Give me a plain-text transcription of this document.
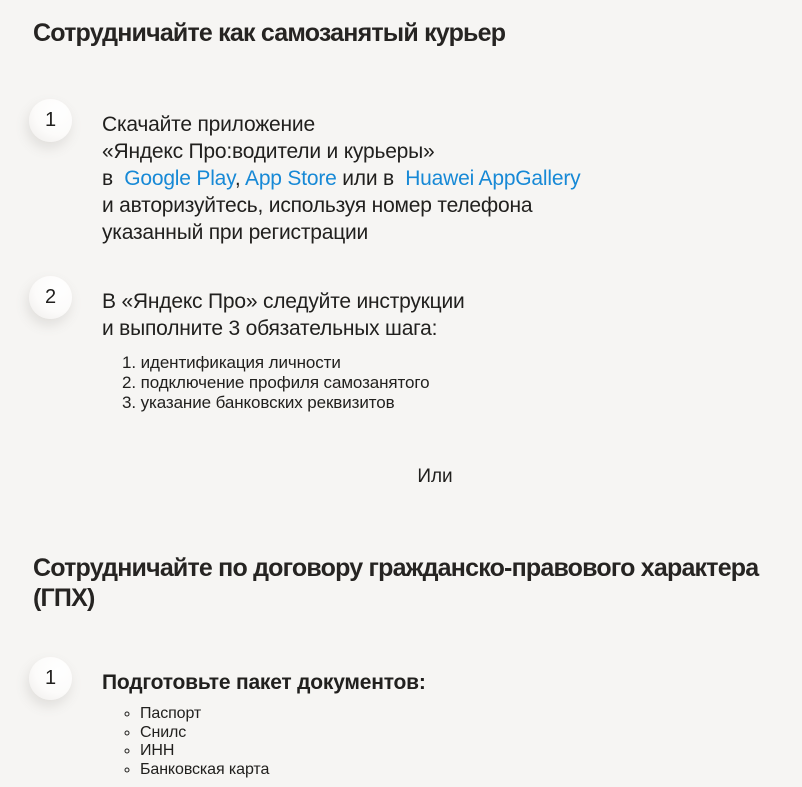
Сотрудничайте как самозанятый курьер
1 Скачайте приложение
«Яндекс Про:водители и курьеры»
в  Google Play, App Store или в  Huawei AppGallery
и авторизуйтесь, используя номер телефона
указанный при регистрации
2 В «Яндекс Про» следуйте инструкции
и выполните 3 обязательных шага:
1. идентификация личности
2. подключение профиля самозанятого
3. указание банковских реквизитов
Или
Сотрудничайте по договору гражданско-правового характера
(ГПХ)
1 Подготовьте пакет документов:
◦ Паспорт
◦ Снилс
◦ ИНН
◦ Банковская карта
